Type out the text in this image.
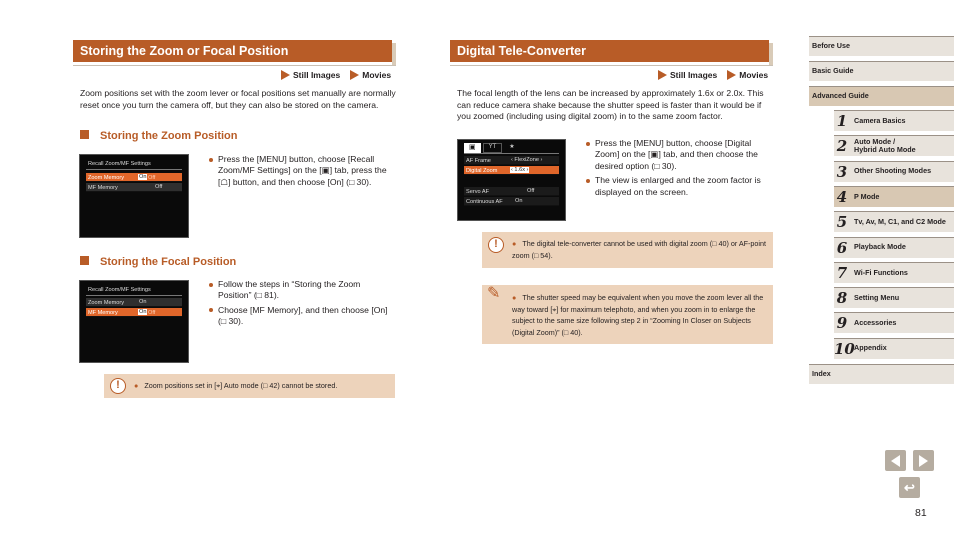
Storing the Zoom or Focal Position
Still Images	Movies
Zoom positions set with the zoom lever or focal positions set manually are normally reset once you turn the camera off, but they can also be stored on the camera.
Storing the Zoom Position
Recall Zoom/MF Settings
Zoom Memory	On Off
MF Memory	Off
Press the [MENU] button, choose [Recall Zoom/MF Settings] on the [▣] tab, press the [☖] button, and then choose [On] (□ 30).
Storing the Focal Position
Recall Zoom/MF Settings
Zoom Memory	On
MF Memory	On Off
Follow the steps in “Storing the Zoom Position” (□ 81).
Choose [MF Memory], and then choose [On] (□ 30).
!	● Zoom positions set in [⌖] Auto mode (□ 42) cannot be stored.
Digital Tele-Converter
Still Images	Movies
The focal length of the lens can be increased by approximately 1.6x or 2.0x. This can reduce camera shake because the shutter speed is faster than it would be if you zoomed (including using digital zoom) in to the same zoom factor.
▣	ΥΤ	★
AF Frame	‹ FlexiZone ›
Digital Zoom ‹ 1.6x ›
Servo AF	Off
Continuous AF On
Press the [MENU] button, choose [Digital Zoom] on the [▣] tab, and then choose the desired option (□ 30).
The view is enlarged and the zoom factor is displayed on the screen.
!	● The digital tele-converter cannot be used with digital zoom (□ 40) or AF-point zoom (□ 54).
✎ ● The shutter speed may be equivalent when you move the zoom lever all the way toward [⌖] for maximum telephoto, and when you zoom in to enlarge the subject to the same size following step 2 in “Zooming In Closer on Subjects (Digital Zoom)” (□ 40).
Before Use
Basic Guide
Advanced Guide
1 Camera Basics
2 Auto Mode /
Hybrid Auto Mode
3 Other Shooting Modes
4 P Mode
5 Tv, Av, M, C1, and C2 Mode
6 Playback Mode
7 Wi-Fi Functions
8 Setting Menu
9 Accessories
10 Appendix
Index
↩
81
